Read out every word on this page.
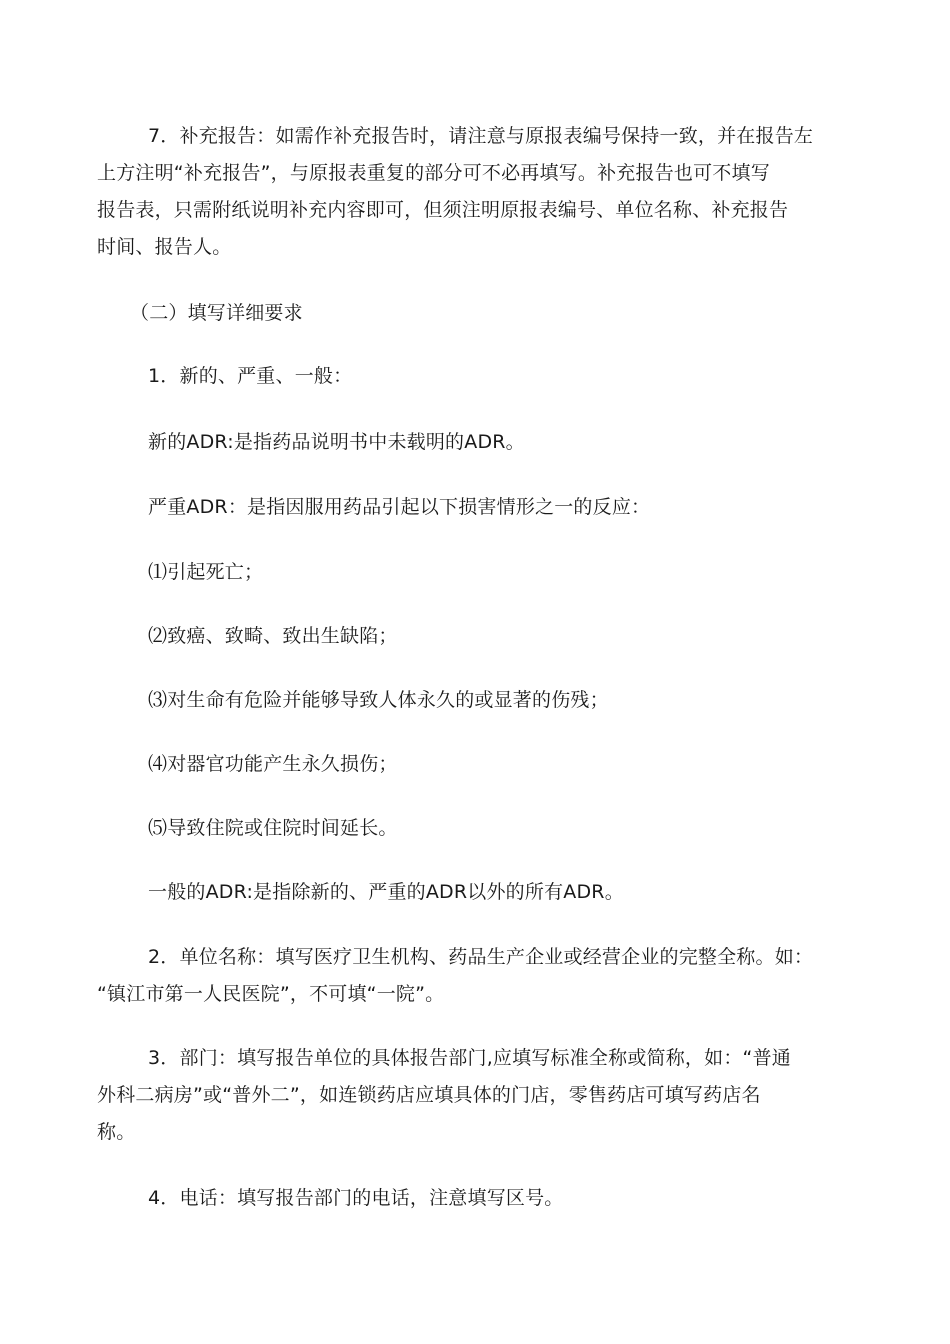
7．补充报告：如需作补充报告时，请注意与原报表编号保持一致，并在报告左
上方注明“补充报告”，与原报表重复的部分可不必再填写。补充报告也可不填写
报告表，只需附纸说明补充内容即可，但须注明原报表编号、单位名称、补充报告
时间、报告人。
（二）填写详细要求
1．新的、严重、一般：
新的ADR:是指药品说明书中未载明的ADR。
严重ADR：是指因服用药品引起以下损害情形之一的反应：
⑴引起死亡；
⑵致癌、致畸、致出生缺陷；
⑶对生命有危险并能够导致人体永久的或显著的伤残；
⑷对器官功能产生永久损伤；
⑸导致住院或住院时间延长。
一般的ADR:是指除新的、严重的ADR以外的所有ADR。
2．单位名称：填写医疗卫生机构、药品生产企业或经营企业的完整全称。如：
“镇江市第一人民医院”，不可填“一院”。
3．部门：填写报告单位的具体报告部门,应填写标准全称或简称，如：“普通
外科二病房”或“普外二”，如连锁药店应填具体的门店，零售药店可填写药店名
称。
4．电话：填写报告部门的电话，注意填写区号。
